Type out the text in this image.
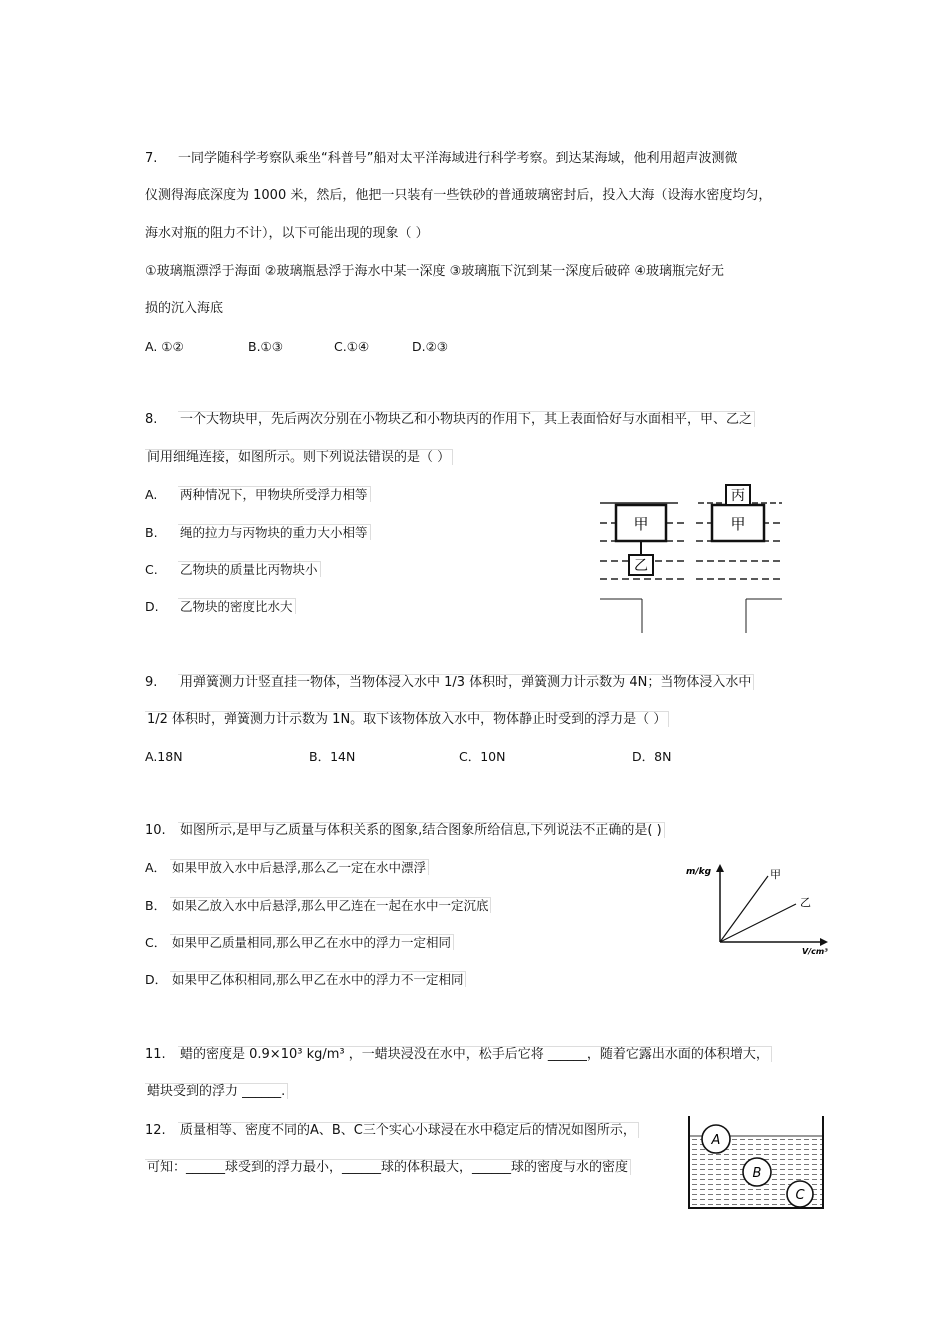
7. 一同学随科学考察队乘坐“科普号”船对太平洋海域进行科学考察。到达某海域，他利用超声波测微
仪测得海底深度为 1000 米，然后，他把一只装有一些铁砂的普通玻璃密封后，投入大海（设海水密度均匀，
海水对瓶的阻力不计），以下可能出现的现象（ ）
①玻璃瓶漂浮于海面 ②玻璃瓶悬浮于海水中某一深度 ③玻璃瓶下沉到某一深度后破碎 ④玻璃瓶完好无
损的沉入海底
A. ①②	B.①③	C.①④	D.②③
8. 一个大物块甲，先后两次分别在小物块乙和小物块丙的作用下，其上表面恰好与水面相平，甲、乙之
间用细绳连接，如图所示。则下列说法错误的是（ ）
A. 两种情况下，甲物块所受浮力相等
B. 绳的拉力与丙物块的重力大小相等
C. 乙物块的质量比丙物块小
D. 乙物块的密度比水大
甲
乙
甲
丙
9. 用弹簧测力计竖直挂一物体，当物体浸入水中 1/3 体积时，弹簧测力计示数为 4N；当物体浸入水中
1/2 体积时，弹簧测力计示数为 1N。取下该物体放入水中，物体静止时受到的浮力是（ ）
A.18N	B．14N	C．10N	D．8N
10. 如图所示,是甲与乙质量与体积关系的图象,结合图象所给信息,下列说法不正确的是( )
A． 如果甲放入水中后悬浮,那么乙一定在水中漂浮
B． 如果乙放入水中后悬浮,那么甲乙连在一起在水中一定沉底
C． 如果甲乙质量相同,那么甲乙在水中的浮力一定相同
D． 如果甲乙体积相同,那么甲乙在水中的浮力不一定相同
m/kg	甲
乙
V/cm³
11. 蜡的密度是 0.9×10³ kg/m³ ，一蜡块浸没在水中，松手后它将 ______，随着它露出水面的体积增大，
蜡块受到的浮力 ______.
12. 质量相等、密度不同的A、B、C三个实心小球浸在水中稳定后的情况如图所示，
可知：______球受到的浮力最小，______球的体积最大，______球的密度与水的密度
A
B
C
